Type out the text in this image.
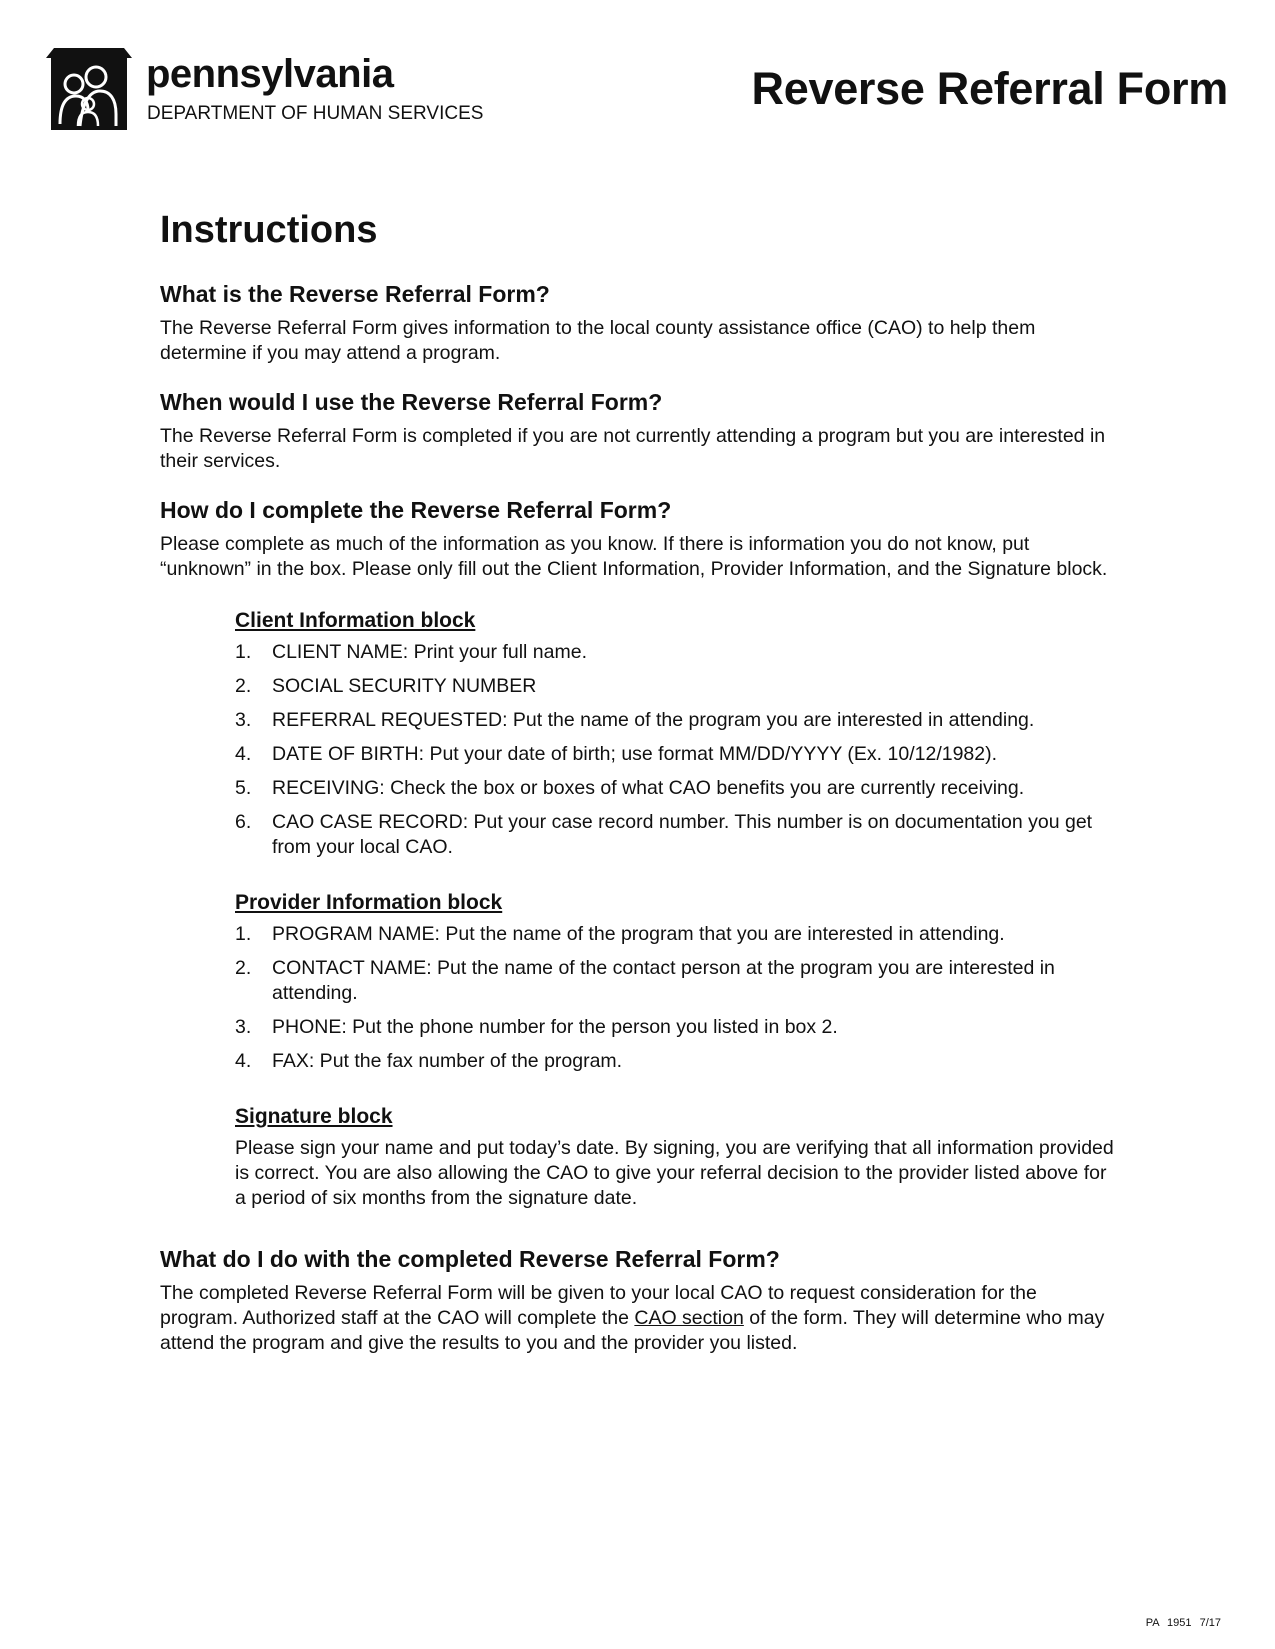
pennsylvania
DEPARTMENT OF HUMAN SERVICES	Reverse Referral Form
Instructions
What is the Reverse Referral Form?

The Reverse Referral Form gives information to the local county assistance office (CAO) to help them determine if you may attend a program.

When would I use the Reverse Referral Form?

The Reverse Referral Form is completed if you are not currently attending a program but you are interested in their services.

How do I complete the Reverse Referral Form?

Please complete as much of the information as you know. If there is information you do not know, put “unknown” in the box. Please only fill out the Client Information, Provider Information, and the Signature block.

Client Information block
1.	CLIENT NAME: Print your full name.
2.	SOCIAL SECURITY NUMBER
3.	REFERRAL REQUESTED: Put the name of the program you are interested in attending.
4.	DATE OF BIRTH: Put your date of birth; use format MM/DD/YYYY (Ex. 10/12/1982).
5.	RECEIVING: Check the box or boxes of what CAO benefits you are currently receiving.
6.	CAO CASE RECORD: Put your case record number. This number is on documentation you get from your local CAO.
Provider Information block
1.	PROGRAM NAME: Put the name of the program that you are interested in attending.
2.	CONTACT NAME: Put the name of the contact person at the program you are interested in attending.
3.	PHONE: Put the phone number for the person you listed in box 2.
4.	FAX: Put the fax number of the program.
Signature block

Please sign your name and put today’s date. By signing, you are verifying that all information provided is correct. You are also allowing the CAO to give your referral decision to the provider listed above for a period of six months from the signature date.

What do I do with the completed Reverse Referral Form?

The completed Reverse Referral Form will be given to your local CAO to request consideration for the program. Authorized staff at the CAO will complete the CAO section of the form. They will determine who may attend the program and give the results to you and the provider you listed.

PA 1951 7/17
